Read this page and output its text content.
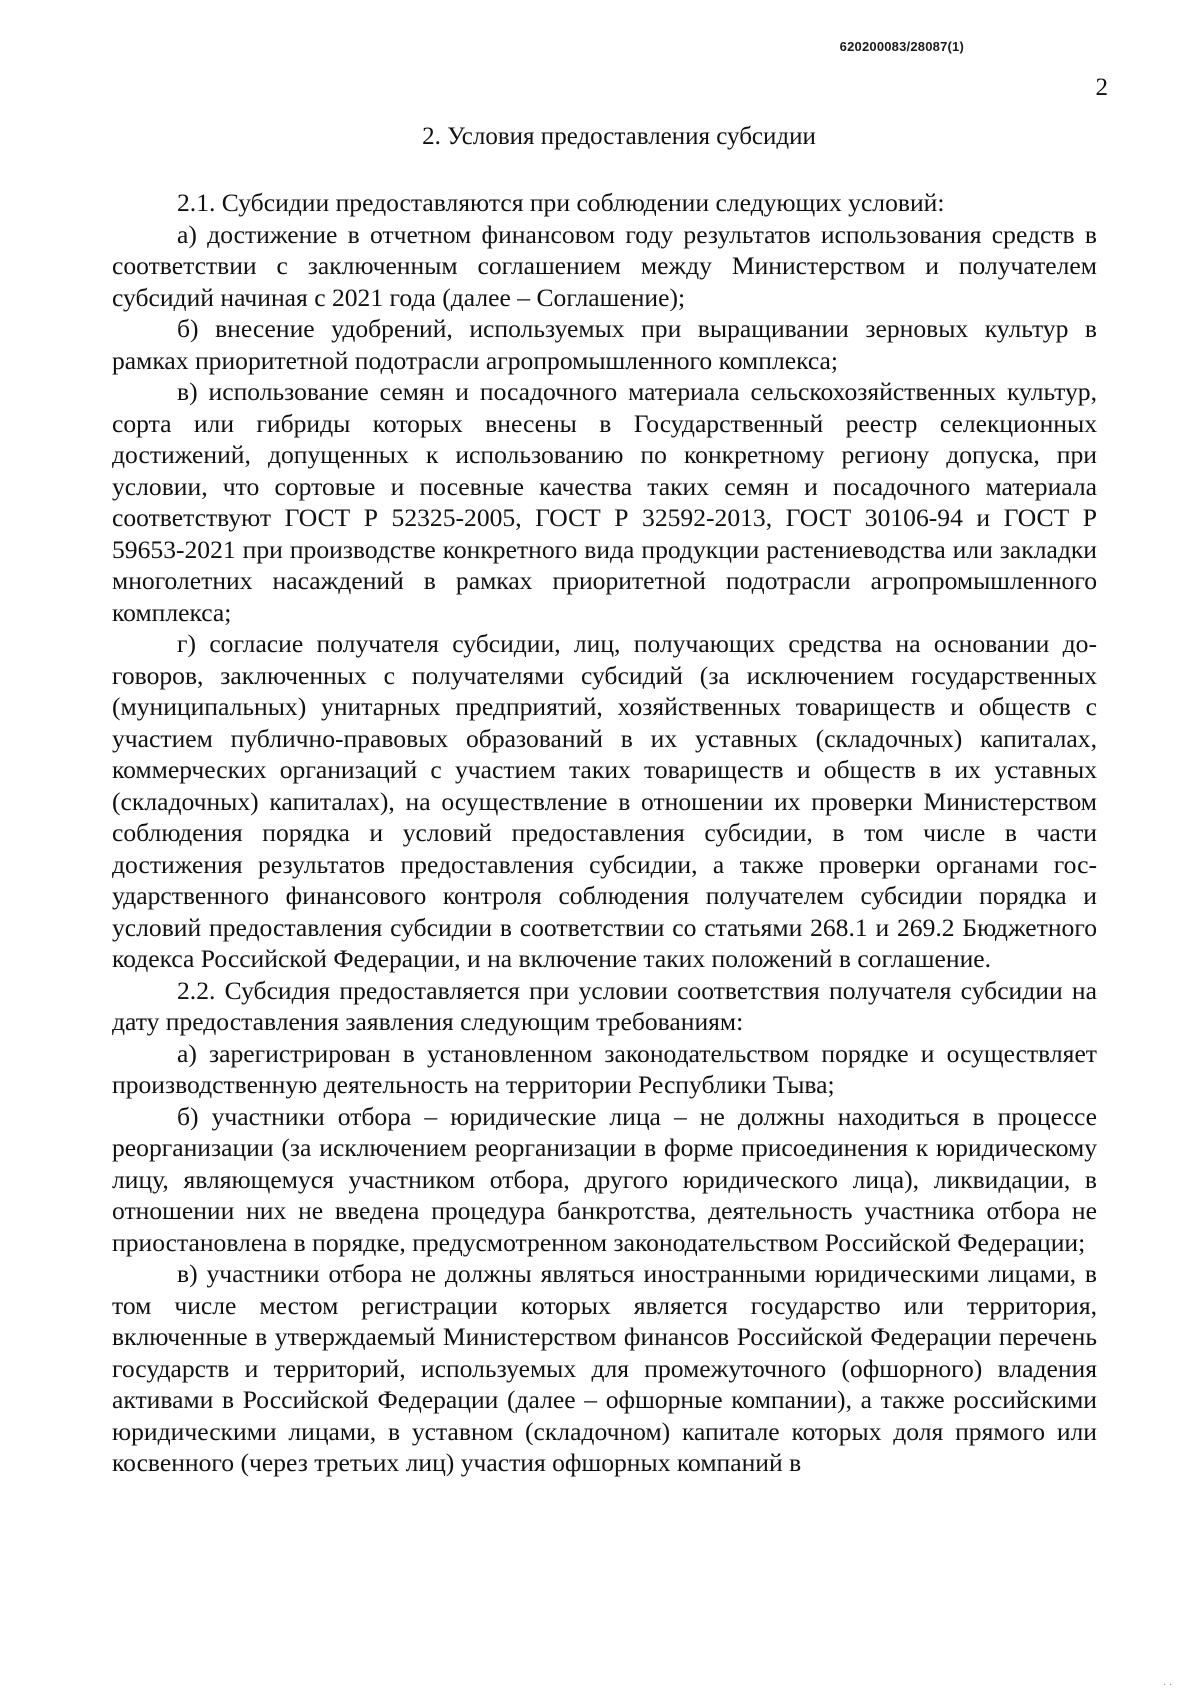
620200083/28087(1)
2
2. Условия предоставления субсидии

2.1. Субсидии предоставляются при соблюдении следующих условий:

а) достижение в отчетном финансовом году результатов использования средств в соответствии с заключенным соглашением между Министерством и получателем субсидий начиная с 2021 года (далее – Соглашение);

б) внесение удобрений, используемых при выращивании зерновых культур в рамках приоритетной подотрасли агропромышленного комплекса;

в) использование семян и посадочного материала сельскохозяйственных культур, сорта или гибриды которых внесены в Государственный реестр селекционных достижений, допущенных к использованию по конкретному региону допуска, при условии, что сортовые и посевные качества таких семян и посадочного материала соответствуют ГОСТ Р 52325-2005, ГОСТ Р 32592-2013, ГОСТ 30106-94 и ГОСТ Р 59653-2021 при производстве конкретного вида продукции растениеводства или закладки многолетних насаждений в рамках приоритетной подотрасли агропромышленного комплекса;

г) согласие получателя субсидии, лиц, получающих средства на основании договоров, заключенных с получателями субсидий (за исключением государственных (муниципальных) унитарных предприятий, хозяйственных товариществ и обществ с участием публично-правовых образований в их уставных (складочных) капиталах, коммерческих организаций с участием таких товариществ и обществ в их уставных (складочных) капиталах), на осуществление в отношении их проверки Министерством соблюдения порядка и условий предоставления субсидии, в том числе в части достижения результатов предоставления субсидии, а также проверки органами государственного финансового контроля соблюдения получателем субсидии порядка и условий предоставления субсидии в соответствии со статьями 268.1 и 269.2 Бюджетного кодекса Российской Федерации, и на включение таких положений в соглашение.

2.2. Субсидия предоставляется при условии соответствия получателя субсидии на дату предоставления заявления следующим требованиям:

а) зарегистрирован в установленном законодательством порядке и осуществляет производственную деятельность на территории Республики Тыва;

б) участники отбора – юридические лица – не должны находиться в процессе реорганизации (за исключением реорганизации в форме присоединения к юридическому лицу, являющемуся участником отбора, другого юридического лица), ликвидации, в отношении них не введена процедура банкротства, деятельность участника отбора не приостановлена в порядке, предусмотренном законодательством Российской Федерации;

в) участники отбора не должны являться иностранными юридическими лицами, в том числе местом регистрации которых является государство или территория, включенные в утверждаемый Министерством финансов Российской Федерации перечень государств и территорий, используемых для промежуточного (офшорного) владения активами в Российской Федерации (далее – офшорные компании), а также российскими юридическими лицами, в уставном (складочном) капитале которых доля прямого или косвенного (через третьих лиц) участия офшорных компаний в

· ·
